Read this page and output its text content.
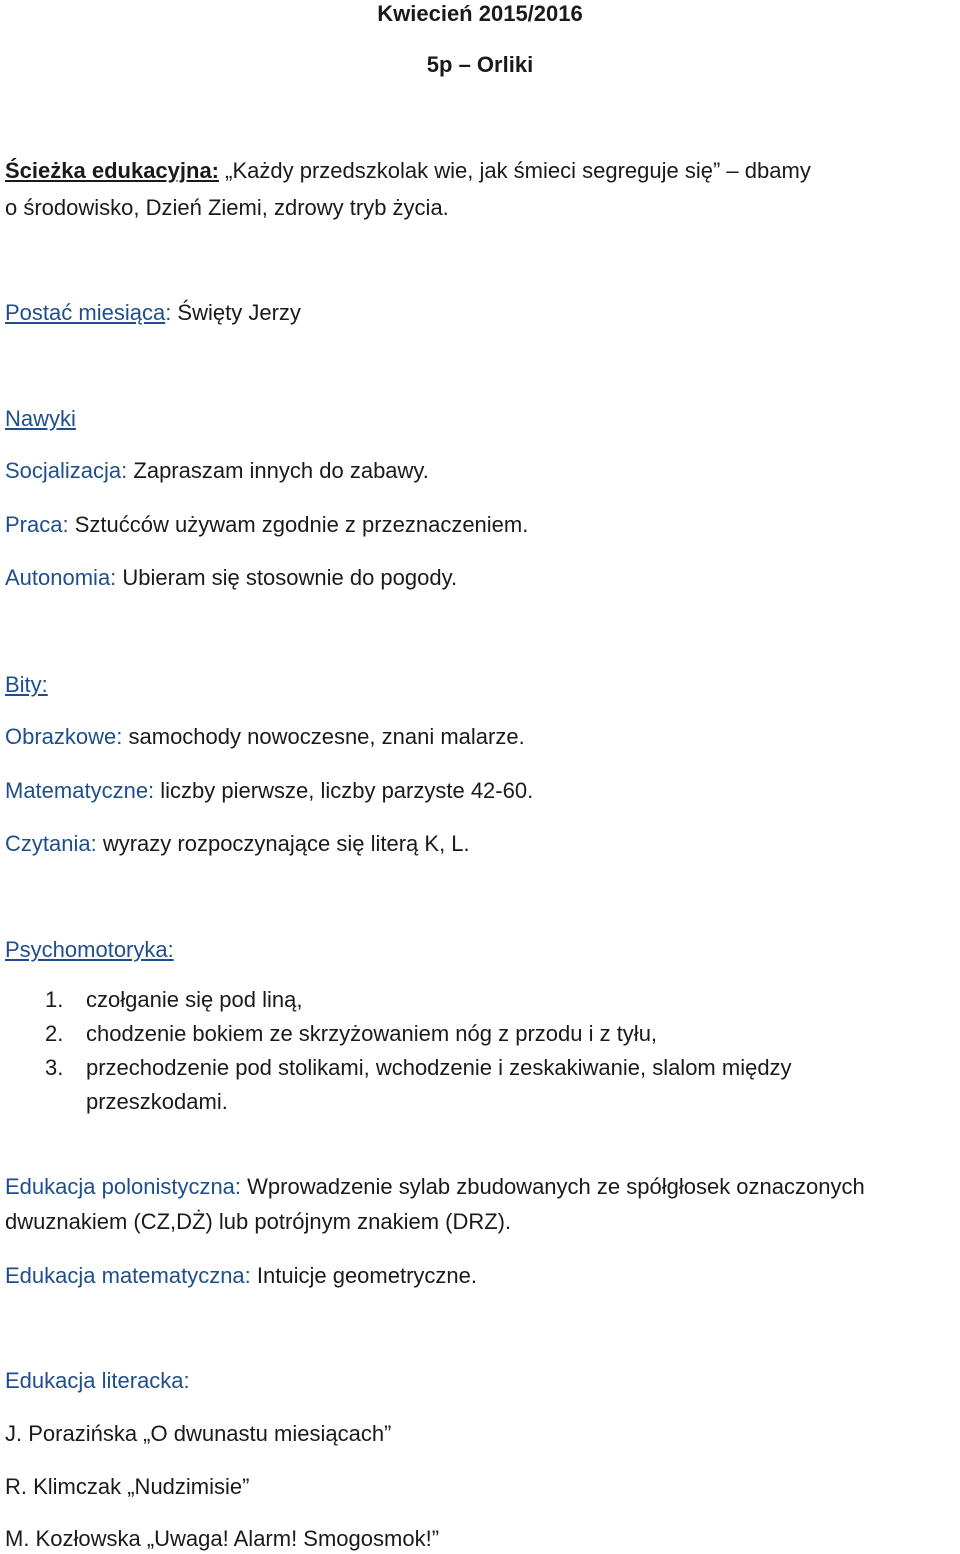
Kwiecień 2015/2016
5p – Orliki
Ścieżka edukacyjna: „Każdy przedszkolak wie, jak śmieci segreguje się” – dbamy
o środowisko, Dzień Ziemi, zdrowy tryb życia.
Postać miesiąca: Święty Jerzy
Nawyki
Socjalizacja: Zapraszam innych do zabawy.
Praca: Sztućców używam zgodnie z przeznaczeniem.
Autonomia: Ubieram się stosownie do pogody.
Bity:
Obrazkowe: samochody nowoczesne, znani malarze.
Matematyczne: liczby pierwsze, liczby parzyste 42-60.
Czytania: wyrazy rozpoczynające się literą K, L.
Psychomotoryka:
1. czołganie się pod liną,
2. chodzenie bokiem ze skrzyżowaniem nóg z przodu i z tyłu,
3. przechodzenie pod stolikami, wchodzenie i zeskakiwanie, slalom między
przeszkodami.
Edukacja polonistyczna: Wprowadzenie sylab zbudowanych ze spółgłosek oznaczonych
dwuznakiem (CZ,DŻ) lub potrójnym znakiem (DRZ).
Edukacja matematyczna: Intuicje geometryczne.
Edukacja literacka:
J. Porazińska „O dwunastu miesiącach”
R. Klimczak „Nudzimisie”
M. Kozłowska „Uwaga! Alarm! Smogosmok!”
